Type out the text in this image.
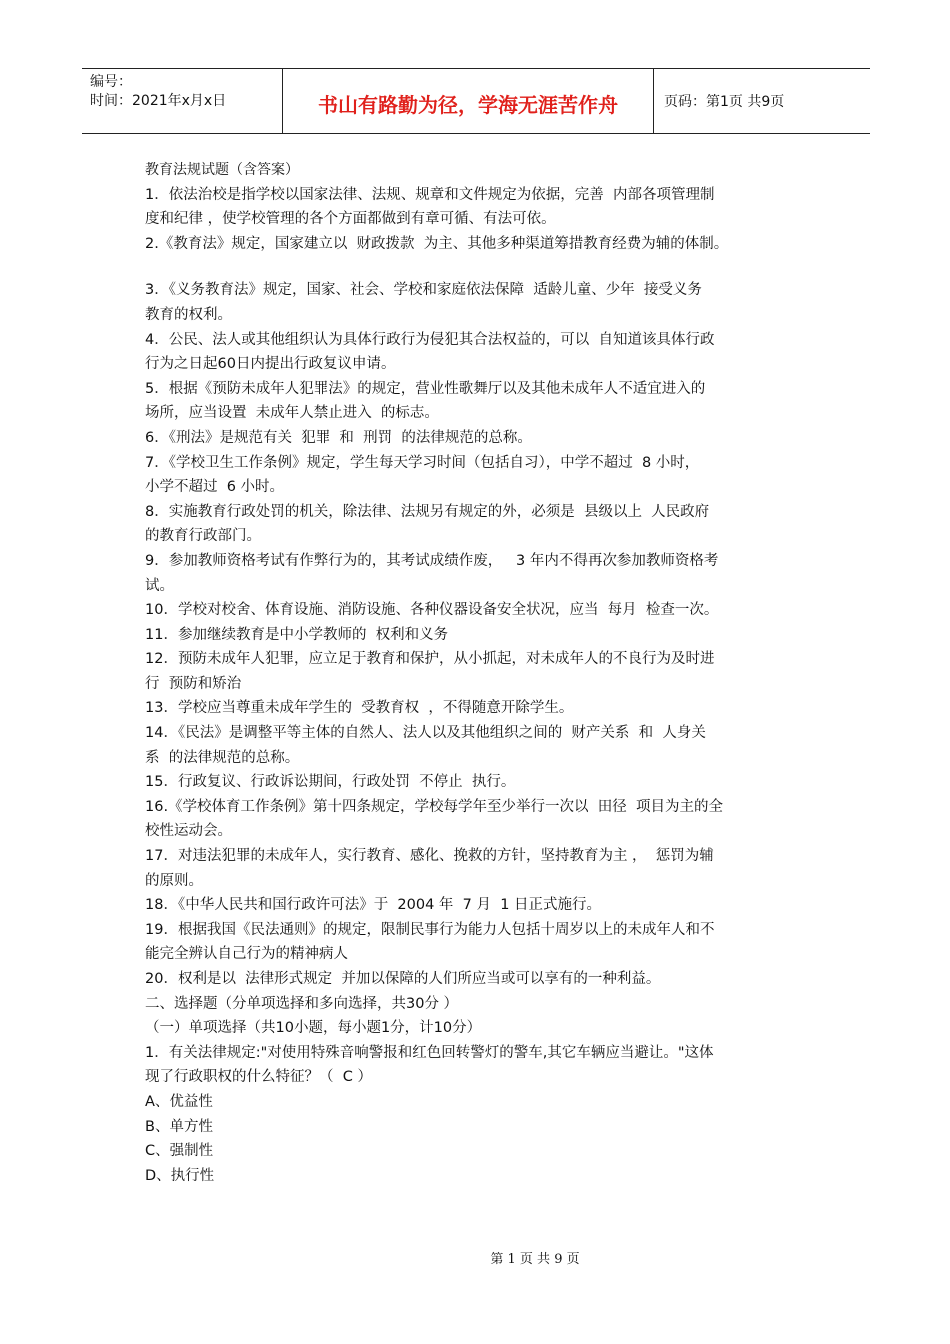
编号：
时间：2021年x月x日	书山有路勤为径，学海无涯苦作舟	页码：第1页 共9页

教育法规试题（含答案）

1．依法治校是指学校以国家法律、法规、规章和文件规定为依据，完善  内部各项管理制

度和纪律 ，使学校管理的各个方面都做到有章可循、有法可依。

2.《教育法》规定，国家建立以  财政拨款  为主、其他多种渠道筹措教育经费为辅的体制。

3．《义务教育法》规定，国家、社会、学校和家庭依法保障  适龄儿童、少年  接受义务

教育的权利。

4．公民、法人或其他组织认为具体行政行为侵犯其合法权益的，可以  自知道该具体行政

行为之日起60日内提出行政复议申请。

5．根据《预防未成年人犯罪法》的规定，营业性歌舞厅以及其他未成年人不适宜进入的

场所，应当设置  未成年人禁止进入  的标志。

6．《刑法》是规范有关  犯罪  和  刑罚  的法律规范的总称。

7．《学校卫生工作条例》规定，学生每天学习时间（包括自习），中学不超过  8 小时，

小学不超过  6 小时。

8．实施教育行政处罚的机关，除法律、法规另有规定的外，必须是  县级以上  人民政府

的教育行政部门。

9．参加教师资格考试有作弊行为的，其考试成绩作废，   3 年内不得再次参加教师资格考

试。

10．学校对校舍、体育设施、消防设施、各种仪器设备安全状况，应当  每月  检查一次。

11．参加继续教育是中小学教师的  权利和义务

12．预防未成年人犯罪，应立足于教育和保护，从小抓起，对未成年人的不良行为及时进

行  预防和矫治

13．学校应当尊重未成年学生的  受教育权  ，不得随意开除学生。

14．《民法》是调整平等主体的自然人、法人以及其他组织之间的  财产关系  和  人身关

系  的法律规范的总称。

15．行政复议、行政诉讼期间，行政处罚  不停止  执行。

16.《学校体育工作条例》第十四条规定，学校每学年至少举行一次以  田径  项目为主的全

校性运动会。

17．对违法犯罪的未成年人，实行教育、感化、挽救的方针，坚持教育为主 ，  惩罚为辅

的原则。

18．《中华人民共和国行政许可法》于  2004 年  7 月  1 日正式施行。

19．根据我国《民法通则》的规定，限制民事行为能力人包括十周岁以上的未成年人和不

能完全辨认自己行为的精神病人

20．权利是以  法律形式规定  并加以保障的人们所应当或可以享有的一种利益。

二、选择题（分单项选择和多向选择，共30分 ）

（一）单项选择（共10小题，每小题1分，计10分）

1．有关法律规定:"对使用特殊音响警报和红色回转警灯的警车,其它车辆应当避让。"这体

现了行政职权的什么特征？（  C ）

A、优益性

B、单方性

C、强制性

D、执行性

第 1 页 共 9 页
